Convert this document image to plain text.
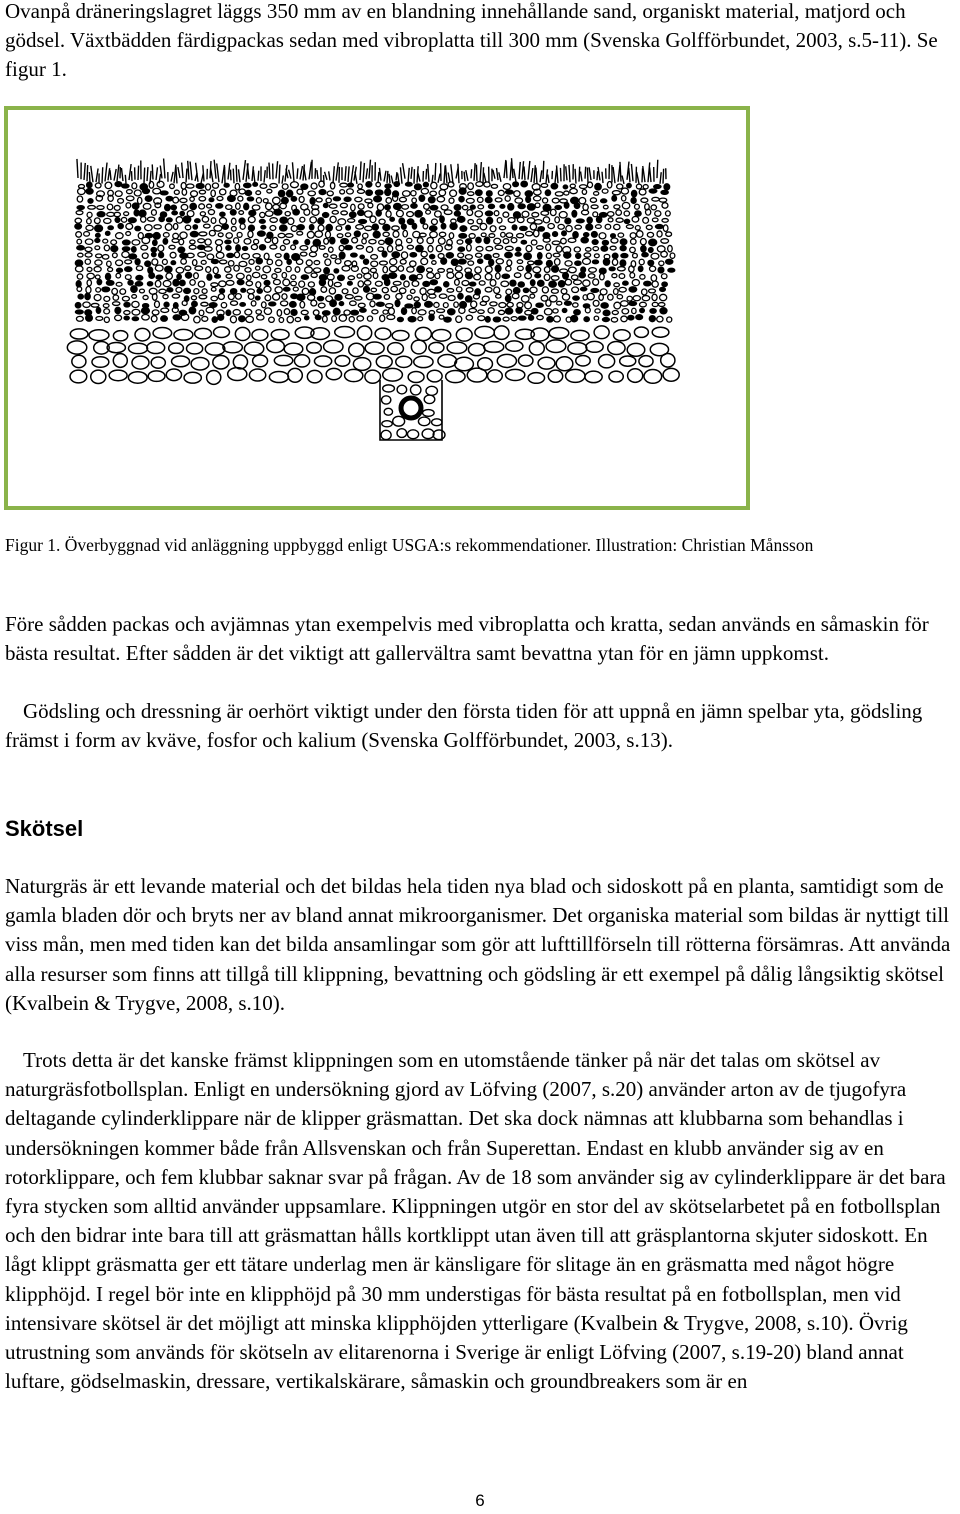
Ovanpå dräneringslagret läggs 350 mm av en blandning innehållande sand, organiskt material, matjord och gödsel. Växtbädden färdigpackas sedan med vibroplatta till 300 mm (Svenska Golfförbundet, 2003, s.5-11). Se figur 1.

Figur 1. Överbyggnad vid anläggning uppbyggd enligt USGA:s rekommendationer. Illustration: Christian Månsson

Före sådden packas och avjämnas ytan exempelvis med vibroplatta och kratta, sedan används en såmaskin för bästa resultat. Efter sådden är det viktigt att gallervältra samt bevattna ytan för en jämn uppkomst.

Gödsling och dressning är oerhört viktigt under den första tiden för att uppnå en jämn spelbar yta, gödsling främst i form av kväve, fosfor och kalium (Svenska Golfförbundet, 2003, s.13).

Skötsel

Naturgräs är ett levande material och det bildas hela tiden nya blad och sidoskott på en planta, samtidigt som de gamla bladen dör och bryts ner av bland annat mikroorganismer. Det organiska material som bildas är nyttigt till viss mån, men med tiden kan det bilda ansamlingar som gör att lufttillförseln till rötterna försämras. Att använda alla resurser som finns att tillgå till klippning, bevattning och gödsling är ett exempel på dålig långsiktig skötsel (Kvalbein & Trygve, 2008, s.10).

Trots detta är det kanske främst klippningen som en utomstående tänker på när det talas om skötsel av naturgräsfotbollsplan. Enligt en undersökning gjord av Löfving (2007, s.20) använder arton av de tjugofyra deltagande cylinderklippare när de klipper gräsmattan. Det ska dock nämnas att klubbarna som behandlas i undersökningen kommer både från Allsvenskan och från Superettan. Endast en klubb använder sig av en rotorklippare, och fem klubbar saknar svar på frågan. Av de 18 som använder sig av cylinderklippare är det bara fyra stycken som alltid använder uppsamlare. Klippningen utgör en stor del av skötselarbetet på en fotbollsplan och den bidrar inte bara till att gräsmattan hålls kortklippt utan även till att gräsplantorna skjuter sidoskott. En lågt klippt gräsmatta ger ett tätare underlag men är känsligare för slitage än en gräsmatta med något högre klipphöjd. I regel bör inte en klipphöjd på 30 mm understigas för bästa resultat på en fotbollsplan, men vid intensivare skötsel är det möjligt att minska klipphöjden ytterligare (Kvalbein & Trygve, 2008, s.10). Övrig utrustning som används för skötseln av elitarenorna i Sverige är enligt Löfving (2007, s.19-20) bland annat luftare, gödselmaskin, dressare, vertikalskärare, såmaskin och groundbreakers som är en

6
